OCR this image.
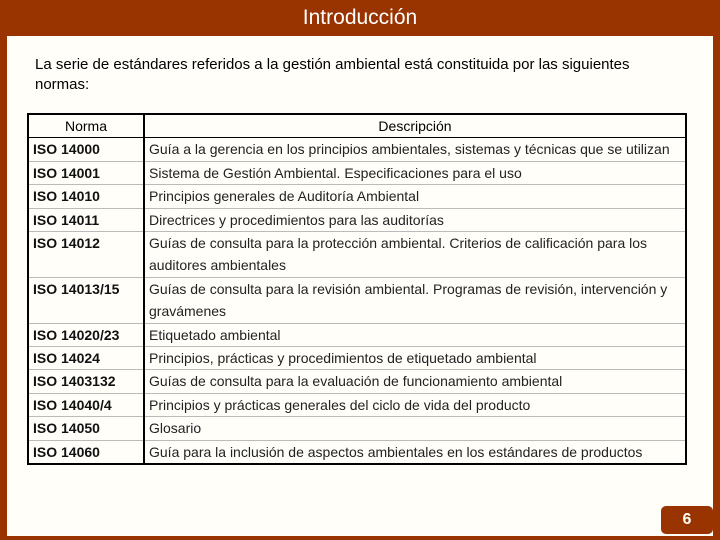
Introducción
La serie de estándares referidos a la gestión ambiental está constituida por las siguientes normas:
Norma	Descripción
ISO 14000	Guía a la gerencia en los principios ambientales, sistemas y técnicas que se utilizan
ISO 14001	Sistema de Gestión Ambiental. Especificaciones para el uso
ISO 14010	Principios generales de Auditoría Ambiental
ISO 14011	Directrices y procedimientos para las auditorías
ISO 14012	Guías de consulta para la protección ambiental. Criterios de calificación para los auditores ambientales
ISO 14013/15	Guías de consulta para la revisión ambiental. Programas de revisión, intervención y gravámenes
ISO 14020/23	Etiquetado ambiental
ISO 14024	Principios, prácticas y procedimientos de etiquetado ambiental
ISO 1403132	Guías de consulta para la evaluación de funcionamiento ambiental
ISO 14040/4	Principios y prácticas generales del ciclo de vida del producto
ISO 14050	Glosario
ISO 14060	Guía para la inclusión de aspectos ambientales en los estándares de productos
6
